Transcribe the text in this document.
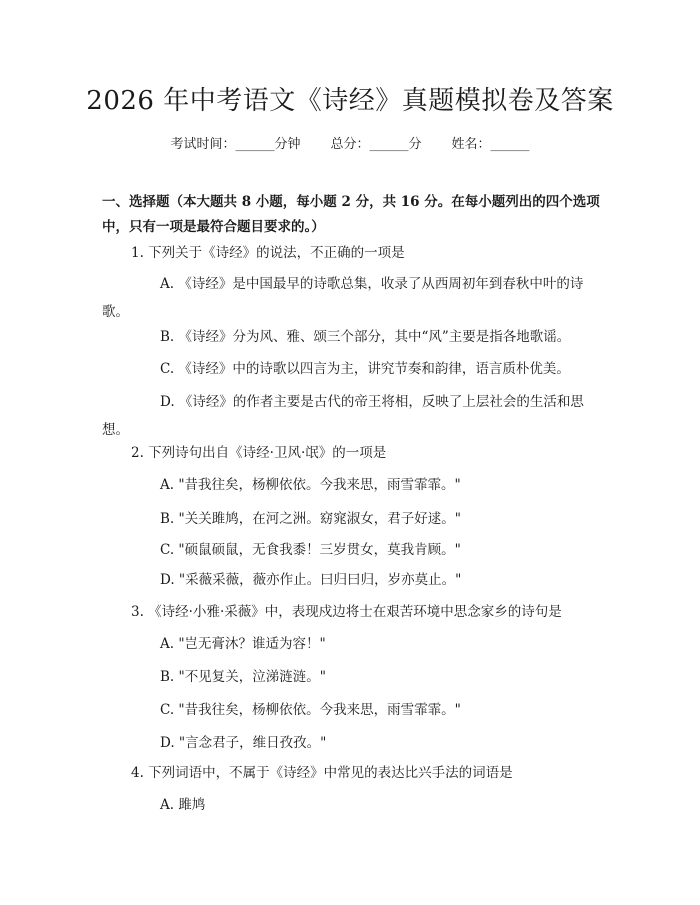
2026 年中考语文《诗经》真题模拟卷及答案
考试时间：______分钟 总分：______分 姓名：______
一、选择题（本大题共 8 小题，每小题 2 分，共 16 分。在每小题列出的四个选项中，只有一项是最符合题目要求的。）
1. 下列关于《诗经》的说法，不正确的一项是
A. 《诗经》是中国最早的诗歌总集，收录了从西周初年到春秋中叶的诗歌。
B. 《诗经》分为风、雅、颂三个部分，其中“风”主要是指各地歌谣。
C. 《诗经》中的诗歌以四言为主，讲究节奏和韵律，语言质朴优美。
D. 《诗经》的作者主要是古代的帝王将相，反映了上层社会的生活和思想。
2. 下列诗句出自《诗经·卫风·氓》的一项是
A. "昔我往矣，杨柳依依。今我来思，雨雪霏霏。"
B. "关关雎鸠，在河之洲。窈窕淑女，君子好逑。"
C. "硕鼠硕鼠，无食我黍！三岁贯女，莫我肯顾。"
D. "采薇采薇，薇亦作止。曰归曰归，岁亦莫止。"
3. 《诗经·小雅·采薇》中，表现戍边将士在艰苦环境中思念家乡的诗句是
A. "岂无膏沐？谁适为容！"
B. "不见复关，泣涕涟涟。"
C. "昔我往矣，杨柳依依。今我来思，雨雪霏霏。"
D. "言念君子，维日孜孜。"
4. 下列词语中，不属于《诗经》中常见的表达比兴手法的词语是
A. 雎鸠
